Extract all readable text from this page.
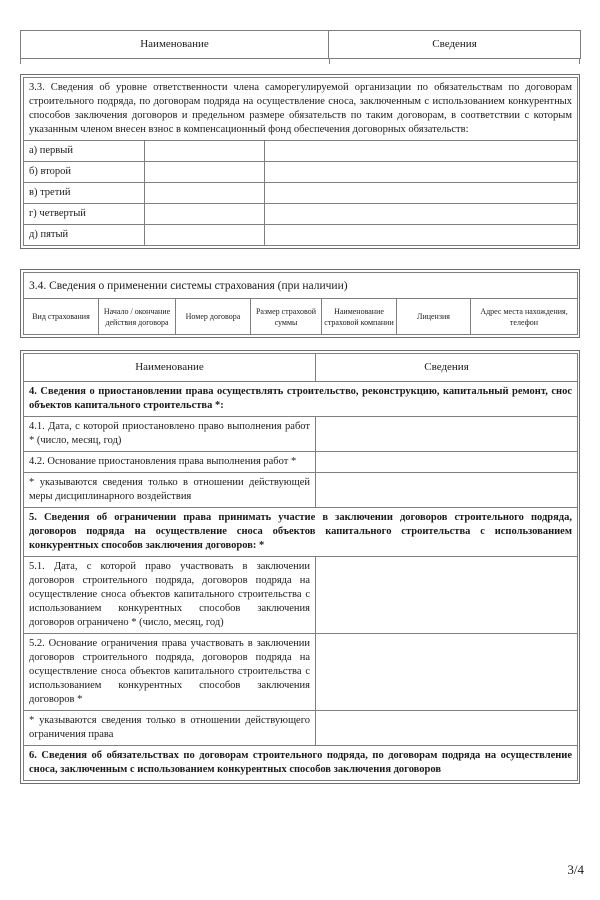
Наименование	Сведения
3.3. Сведения об уровне ответственности члена саморегулируемой организации по обязательствам по договорам строительного подряда, по договорам подряда на осуществление сноса, заключенным с использованием конкурентных способов заключения договоров и предельном размере обязательств по таким договорам, в соответствии с которым указанным членом внесен взнос в компенсационный фонд обеспечения договорных обязательств:		
а) первый		
б) второй		
в) третий		
г) четвертый		
д) пятый		
3.4. Сведения о применении системы страхования (при наличии)
Вид страхования	Начало / окончание действия договора	Номер договора	Размер страховой суммы	Наименование страховой компании	Лицензия	Адрес места нахождения, телефон
Наименование	Сведения
4. Сведения о приостановлении права осуществлять строительство, реконструкцию, капитальный ремонт, снос объектов капитального строительства *:	
4.1. Дата, с которой приостановлено право выполнения работ * (число, месяц, год)	
4.2. Основание приостановления права выполнения работ *	
* указываются сведения только в отношении действующей меры дисциплинарного воздействия	
5. Сведения об ограничении права принимать участие в заключении договоров строительного подряда, договоров подряда на осуществление сноса объектов капитального строительства с использованием конкурентных способов заключения договоров: *	
5.1. Дата, с которой право участвовать в заключении договоров строительного подряда, договоров подряда на осуществление сноса объектов капитального строительства с использованием конкурентных способов заключения договоров ограничено * (число, месяц, год)	
5.2. Основание ограничения права участвовать в заключении договоров строительного подряда, договоров подряда на осуществление сноса объектов капитального строительства с использованием конкурентных способов заключения договоров *	
* указываются сведения только в отношении действующего ограничения права	
6. Сведения об обязательствах по договорам строительного подряда, по договорам подряда на осуществление сноса, заключенным с использованием конкурентных способов заключения договоров	
3/4
